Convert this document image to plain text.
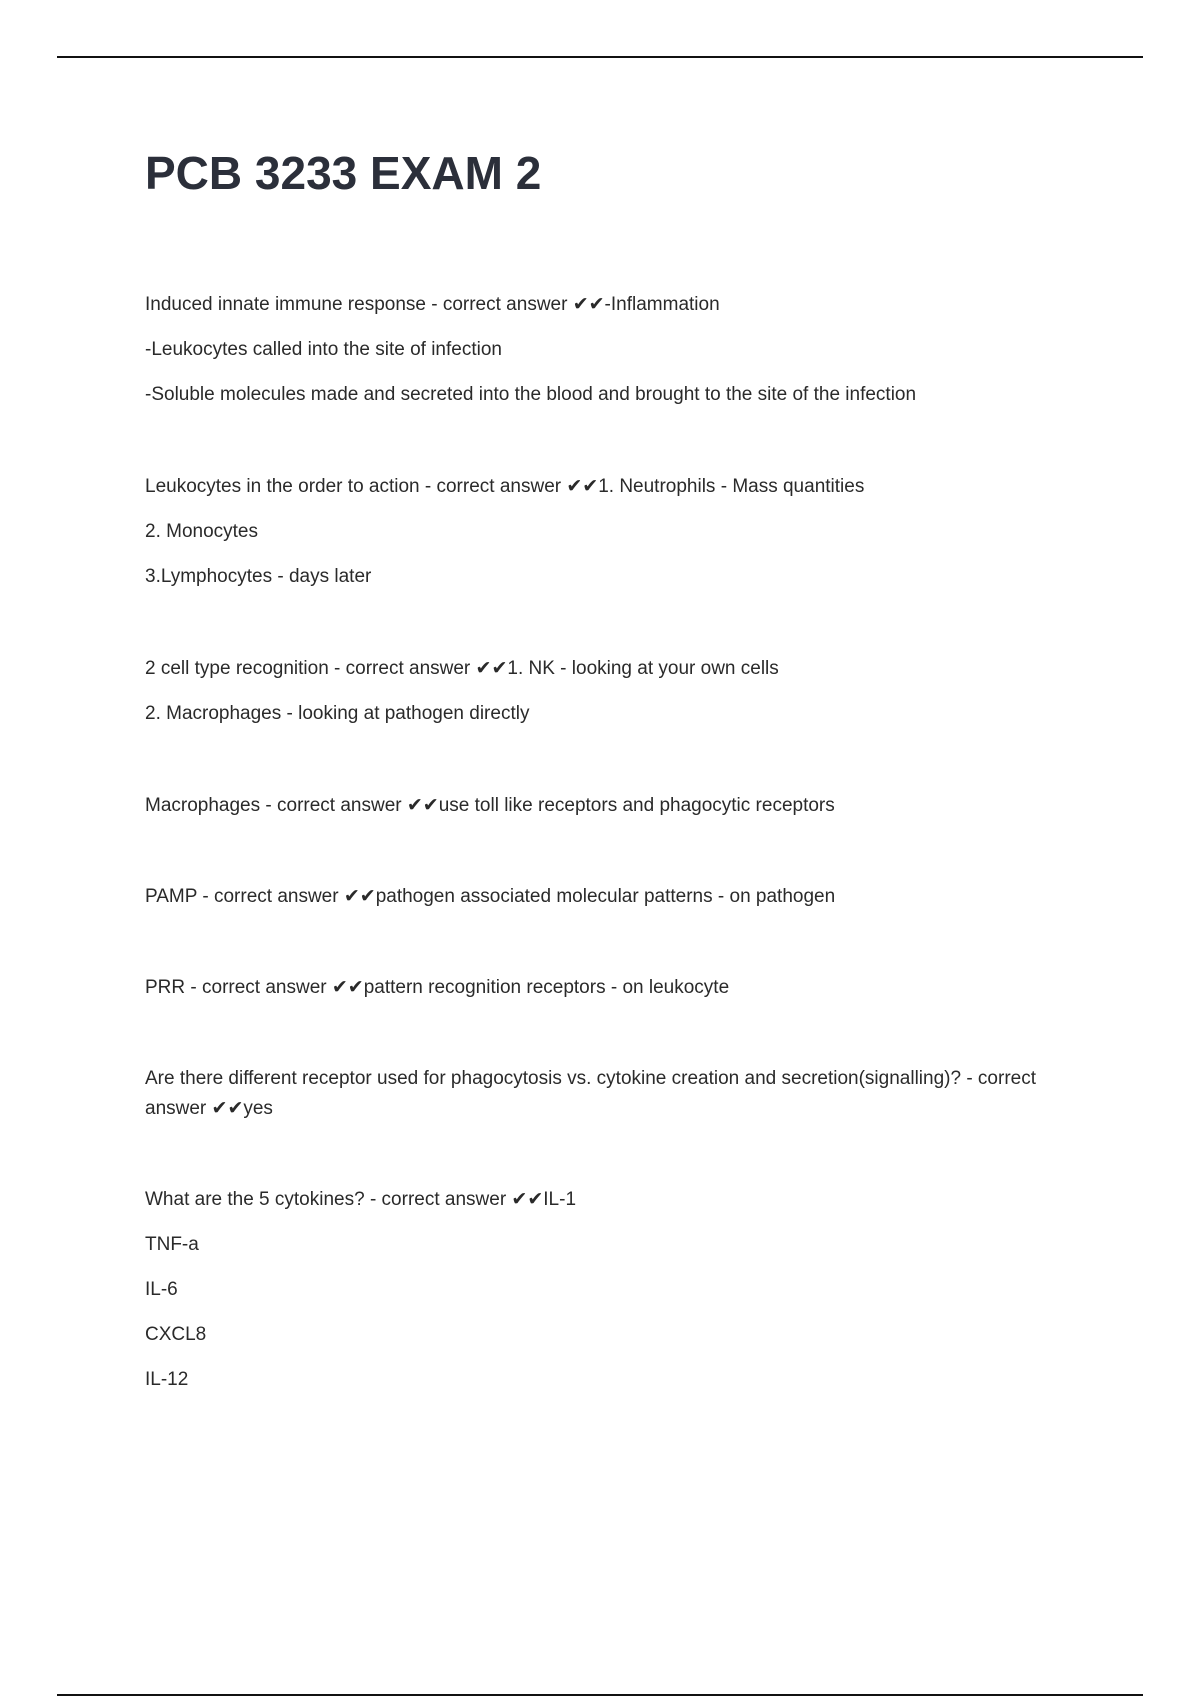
PCB 3233 EXAM 2

Induced innate immune response - correct answer ✔✔-Inflammation

-Leukocytes called into the site of infection

-Soluble molecules made and secreted into the blood and brought to the site of the infection

Leukocytes in the order to action - correct answer ✔✔1. Neutrophils - Mass quantities

2. Monocytes

3.Lymphocytes - days later

2 cell type recognition - correct answer ✔✔1. NK - looking at your own cells

2. Macrophages - looking at pathogen directly

Macrophages - correct answer ✔✔use toll like receptors and phagocytic receptors

PAMP - correct answer ✔✔pathogen associated molecular patterns - on pathogen

PRR - correct answer ✔✔pattern recognition receptors - on leukocyte

Are there different receptor used for phagocytosis vs. cytokine creation and secretion(signalling)? - correct answer ✔✔yes

What are the 5 cytokines? - correct answer ✔✔IL-1

TNF-a

IL-6

CXCL8

IL-12
